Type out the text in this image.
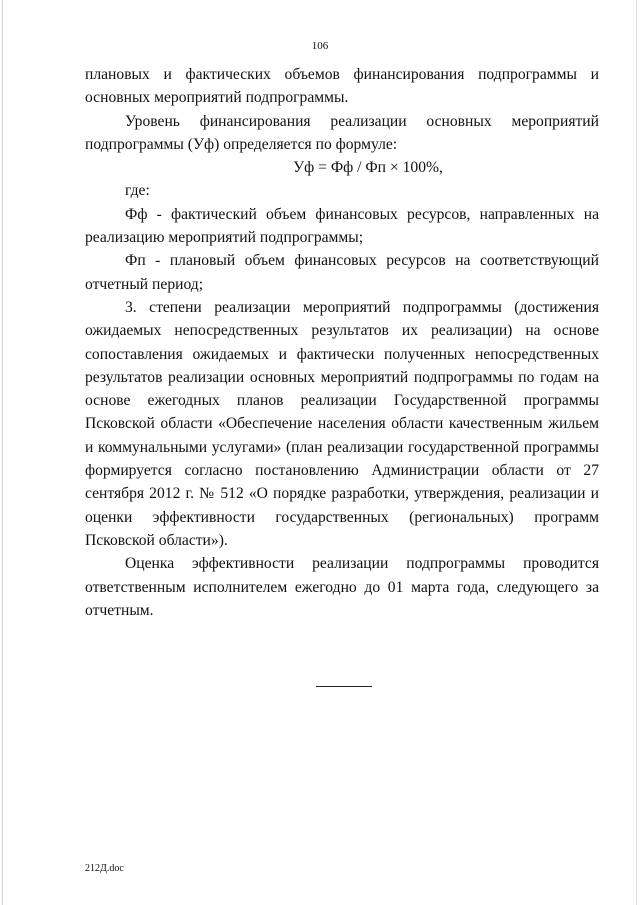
106

плановых и фактических объемов финансирования подпрограммы и основных мероприятий подпрограммы.

Уровень финансирования реализации основных мероприятий подпрограммы (Уф) определяется по формуле:

Уф = Фф / Фп × 100%,

где:

Фф - фактический объем финансовых ресурсов, направленных на реализацию мероприятий подпрограммы;

Фп - плановый объем финансовых ресурсов на соответствующий отчетный период;

3. степени реализации мероприятий подпрограммы (достижения ожидаемых непосредственных результатов их реализации) на основе сопоставления ожидаемых и фактически полученных непосредственных результатов реализации основных мероприятий подпрограммы по годам на основе ежегодных планов реализации Государственной программы Псковской области «Обеспечение населения области качественным жильем и коммунальными услугами» (план реализации государственной программы формируется согласно постановлению Администрации области от 27 сентября 2012 г. № 512 «О порядке разработки, утверждения, реализации и оценки эффективности государственных (региональных) программ Псковской области»).

Оценка эффективности реализации подпрограммы проводится ответственным исполнителем ежегодно до 01 марта года, следующего за отчетным.

212Д.doc
